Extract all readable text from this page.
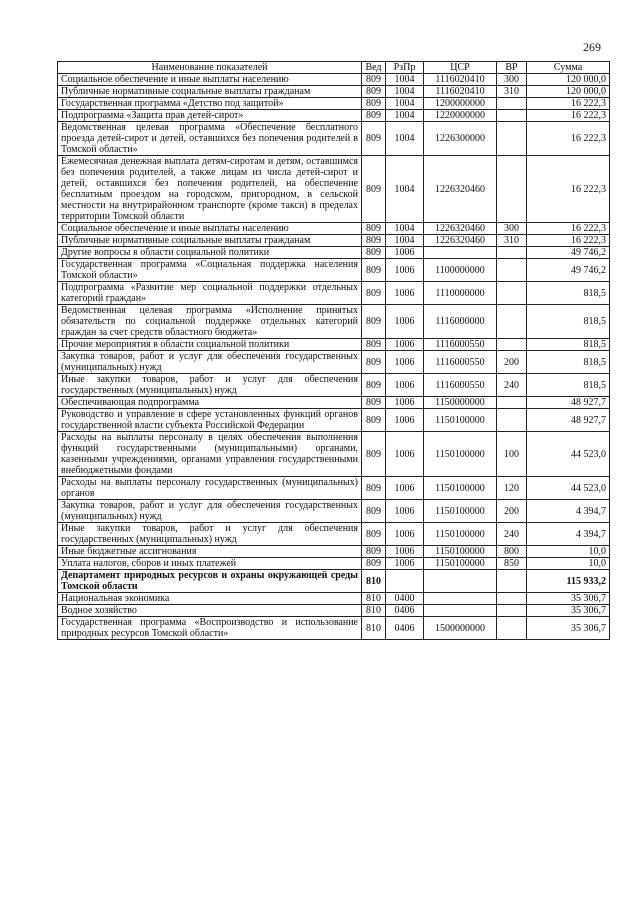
269
Наименование показателей	Вед	РзПр	ЦСР	ВР	Сумма
Социальное обеспечение и иные выплаты населению	809	1004	1116020410	300	120 000,0
Публичные нормативные социальные выплаты гражданам	809	1004	1116020410	310	120 000,0
Государственная программа «Детство под защитой»	809	1004	1200000000		16 222,3
Подпрограмма «Защита прав детей-сирот»	809	1004	1220000000		16 222,3
Ведомственная целевая программа «Обеспечение бесплатного проезда детей-сирот и детей, оставшихся без попечения родителей в Томской области»	809	1004	1226300000		16 222,3
Ежемесячная денежная выплата детям-сиротам и детям, оставшимся без попечения родителей, а также лицам из числа детей-сирот и детей, оставшихся без попечения родителей, на обеспечение бесплатным проездом на городском, пригородном, в сельской местности на внутрирайонном транспорте (кроме такси) в пределах территории Томской области	809	1004	1226320460		16 222,3
Социальное обеспечение и иные выплаты населению	809	1004	1226320460	300	16 222,3
Публичные нормативные социальные выплаты гражданам	809	1004	1226320460	310	16 222,3
Другие вопросы в области социальной политики	809	1006			49 746,2
Государственная программа «Социальная поддержка населения Томской области»	809	1006	1100000000		49 746,2
Подпрограмма «Развитие мер социальной поддержки отдельных категорий граждан»	809	1006	1110000000		818,5
Ведомственная целевая программа «Исполнение принятых обязательств по социальной поддержке отдельных категорий граждан за счет средств областного бюджета»	809	1006	1116000000		818,5
Прочие мероприятия в области социальной политики	809	1006	1116000550		818,5
Закупка товаров, работ и услуг для обеспечения государственных (муниципальных) нужд	809	1006	1116000550	200	818,5
Иные закупки товаров, работ и услуг для обеспечения государственных (муниципальных) нужд	809	1006	1116000550	240	818,5
Обеспечивающая подпрограмма	809	1006	1150000000		48 927,7
Руководство и управление в сфере установленных функций органов государственной власти субъекта Российской Федерации	809	1006	1150100000		48 927,7
Расходы на выплаты персоналу в целях обеспечения выполнения функций государственными (муниципальными) органами, казенными учреждениями, органами управления государственными внебюджетными фондами	809	1006	1150100000	100	44 523,0
Расходы на выплаты персоналу государственных (муниципальных) органов	809	1006	1150100000	120	44 523,0
Закупка товаров, работ и услуг для обеспечения государственных (муниципальных) нужд	809	1006	1150100000	200	4 394,7
Иные закупки товаров, работ и услуг для обеспечения государственных (муниципальных) нужд	809	1006	1150100000	240	4 394,7
Иные бюджетные ассигнования	809	1006	1150100000	800	10,0
Уплата налогов, сборов и иных платежей	809	1006	1150100000	850	10,0
Департамент природных ресурсов и охраны окружающей среды Томской области	810				115 933,2
Национальная экономика	810	0400			35 306,7
Водное хозяйство	810	0406			35 306,7
Государственная программа «Воспроизводство и использование природных ресурсов Томской области»	810	0406	1500000000		35 306,7
